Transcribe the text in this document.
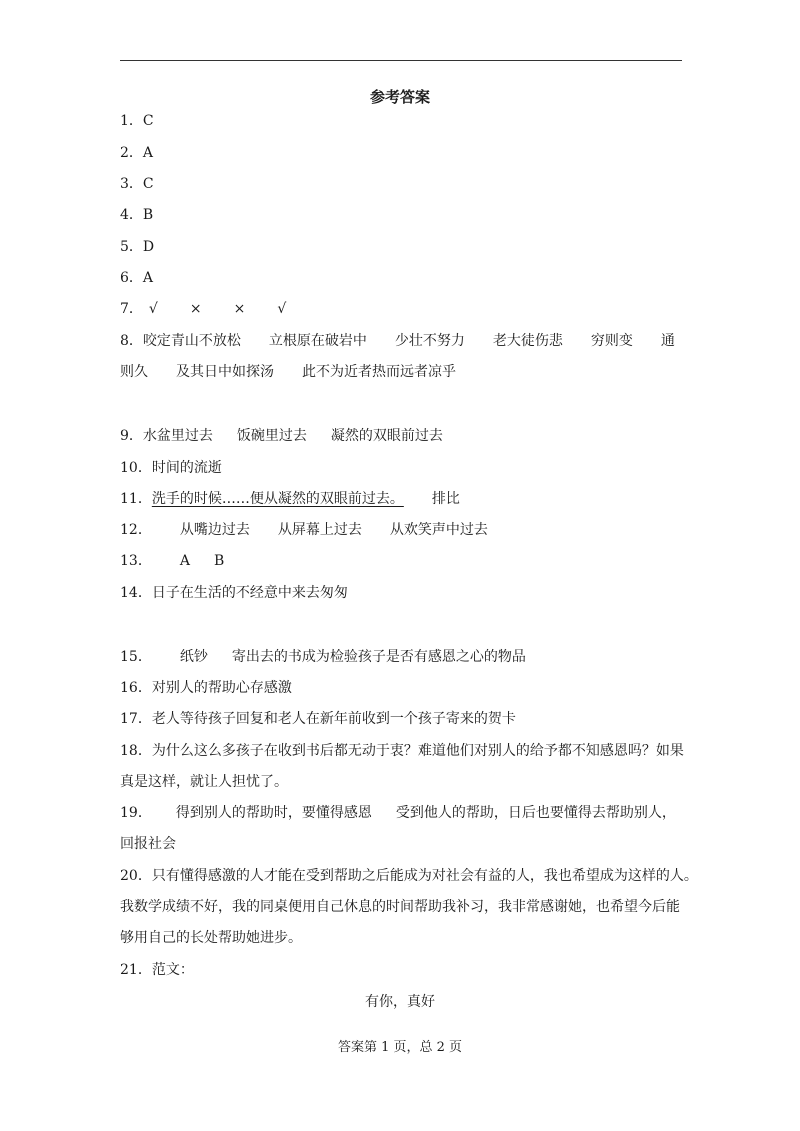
参考答案
1．C
2．A
3．C
4．B
5．D
6．A
7． √ × × √
8．咬定青山不放松 立根原在破岩中 少壮不努力 老大徒伤悲 穷则变 通
则久 及其日中如探汤 此不为近者热而远者凉乎
9．水盆里过去 饭碗里过去 凝然的双眼前过去
10．时间的流逝
11．洗手的时候……便从凝然的双眼前过去。 排比
12． 从嘴边过去 从屏幕上过去 从欢笑声中过去
13． A B
14．日子在生活的不经意中来去匆匆
15． 纸钞 寄出去的书成为检验孩子是否有感恩之心的物品
16．对别人的帮助心存感激
17．老人等待孩子回复和老人在新年前收到一个孩子寄来的贺卡
18．为什么这么多孩子在收到书后都无动于衷？难道他们对别人的给予都不知感恩吗？如果
真是这样，就让人担忧了。
19． 得到别人的帮助时，要懂得感恩 受到他人的帮助，日后也要懂得去帮助别人，
回报社会
20．只有懂得感激的人才能在受到帮助之后能成为对社会有益的人，我也希望成为这样的人。
我数学成绩不好，我的同桌便用自己休息的时间帮助我补习，我非常感谢她，也希望今后能
够用自己的长处帮助她进步。
21．范文：
有你，真好
答案第 1 页，总 2 页
